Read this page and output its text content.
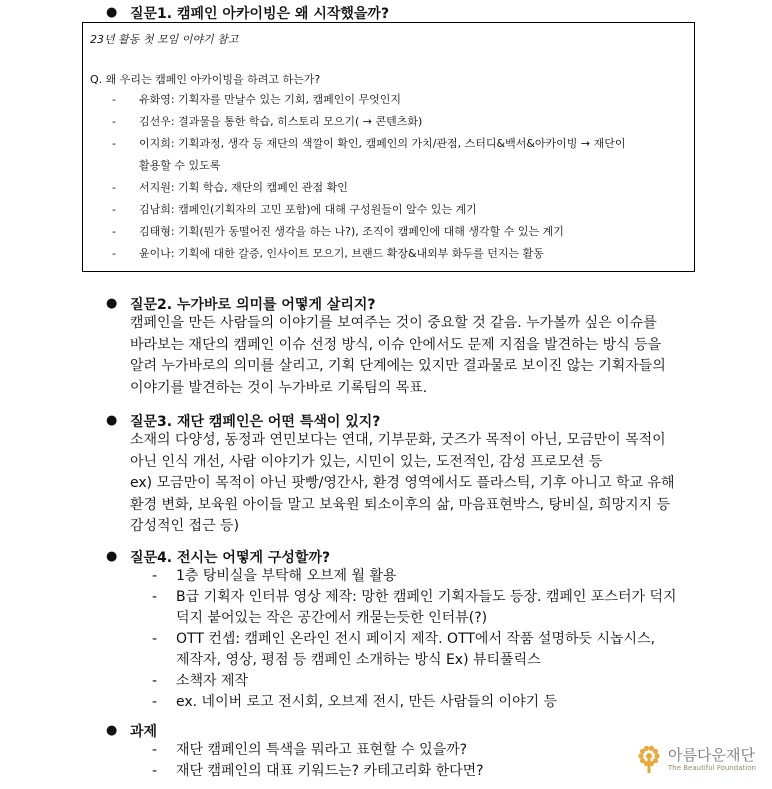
● 질문1. 캠페인 아카이빙은 왜 시작했을까?
23년 활동 첫 모임 이야기 참고
Q. 왜 우리는 캠페인 아카이빙을 하려고 하는가?
- 유화영: 기획자를 만날수 있는 기회, 캠페인이 무엇인지
- 김선우: 결과물을 통한 학습, 히스토리 모으기( → 콘텐츠화)
- 이지희: 기획과정, 생각 등 재단의 색깔이 확인, 캠페인의 가치/관점, 스터디&백서&아카이빙 → 재단이
활용할 수 있도록
- 서지원: 기획 학습, 재단의 캠페인 관점 확인
- 김남희: 캠페인(기획자의 고민 포함)에 대해 구성원들이 알수 있는 계기
- 김태형: 기획(뭔가 동떨어진 생각을 하는 나?), 조직이 캠페인에 대해 생각할 수 있는 계기
- 윤이나: 기획에 대한 갈증, 인사이트 모으기, 브랜드 확장&내외부 화두를 던지는 활동
● 질문2. 누가바로 의미를 어떻게 살리지?
캠페인을 만든 사람들의 이야기를 보여주는 것이 중요할 것 같음. 누가볼까 싶은 이슈를
바라보는 재단의 캠페인 이슈 선정 방식, 이슈 안에서도 문제 지점을 발견하는 방식 등을
알려 누가바로의 의미를 살리고, 기획 단계에는 있지만 결과물로 보이진 않는 기획자들의
이야기를 발견하는 것이 누가바로 기록팀의 목표.
● 질문3. 재단 캠페인은 어떤 특색이 있지?
소재의 다양성, 동정과 연민보다는 연대, 기부문화, 굿즈가 목적이 아닌, 모금만이 목적이
아닌 인식 개선, 사람 이야기가 있는, 시민이 있는, 도전적인, 감성 프로모션 등
ex) 모금만이 목적이 아닌 팟빵/영간사, 환경 영역에서도 플라스틱, 기후 아니고 학교 유해
환경 변화, 보육원 아이들 말고 보육원 퇴소이후의 삶, 마음표현박스, 탕비실, 희망지지 등
감성적인 접근 등)
● 질문4. 전시는 어떻게 구성할까?
- 1층 탕비실을 부탁해 오브제 월 활용
- B급 기획자 인터뷰 영상 제작: 망한 캠페인 기획자들도 등장. 캠페인 포스터가 덕지
덕지 붙어있는 작은 공간에서 캐묻는듯한 인터뷰(?)
- OTT 컨셉: 캠페인 온라인 전시 페이지 제작. OTT에서 작품 설명하듯 시놉시스,
제작자, 영상, 평점 등 캠페인 소개하는 방식 Ex) 뷰티풀릭스
- 소책자 제작
- ex. 네이버 로고 전시회, 오브제 전시, 만든 사람들의 이야기 등
● 과제
- 재단 캠페인의 특색을 뭐라고 표현할 수 있을까?
- 재단 캠페인의 대표 키워드는? 카테고리화 한다면?
아름다운재단
The Beautiful Foundation
